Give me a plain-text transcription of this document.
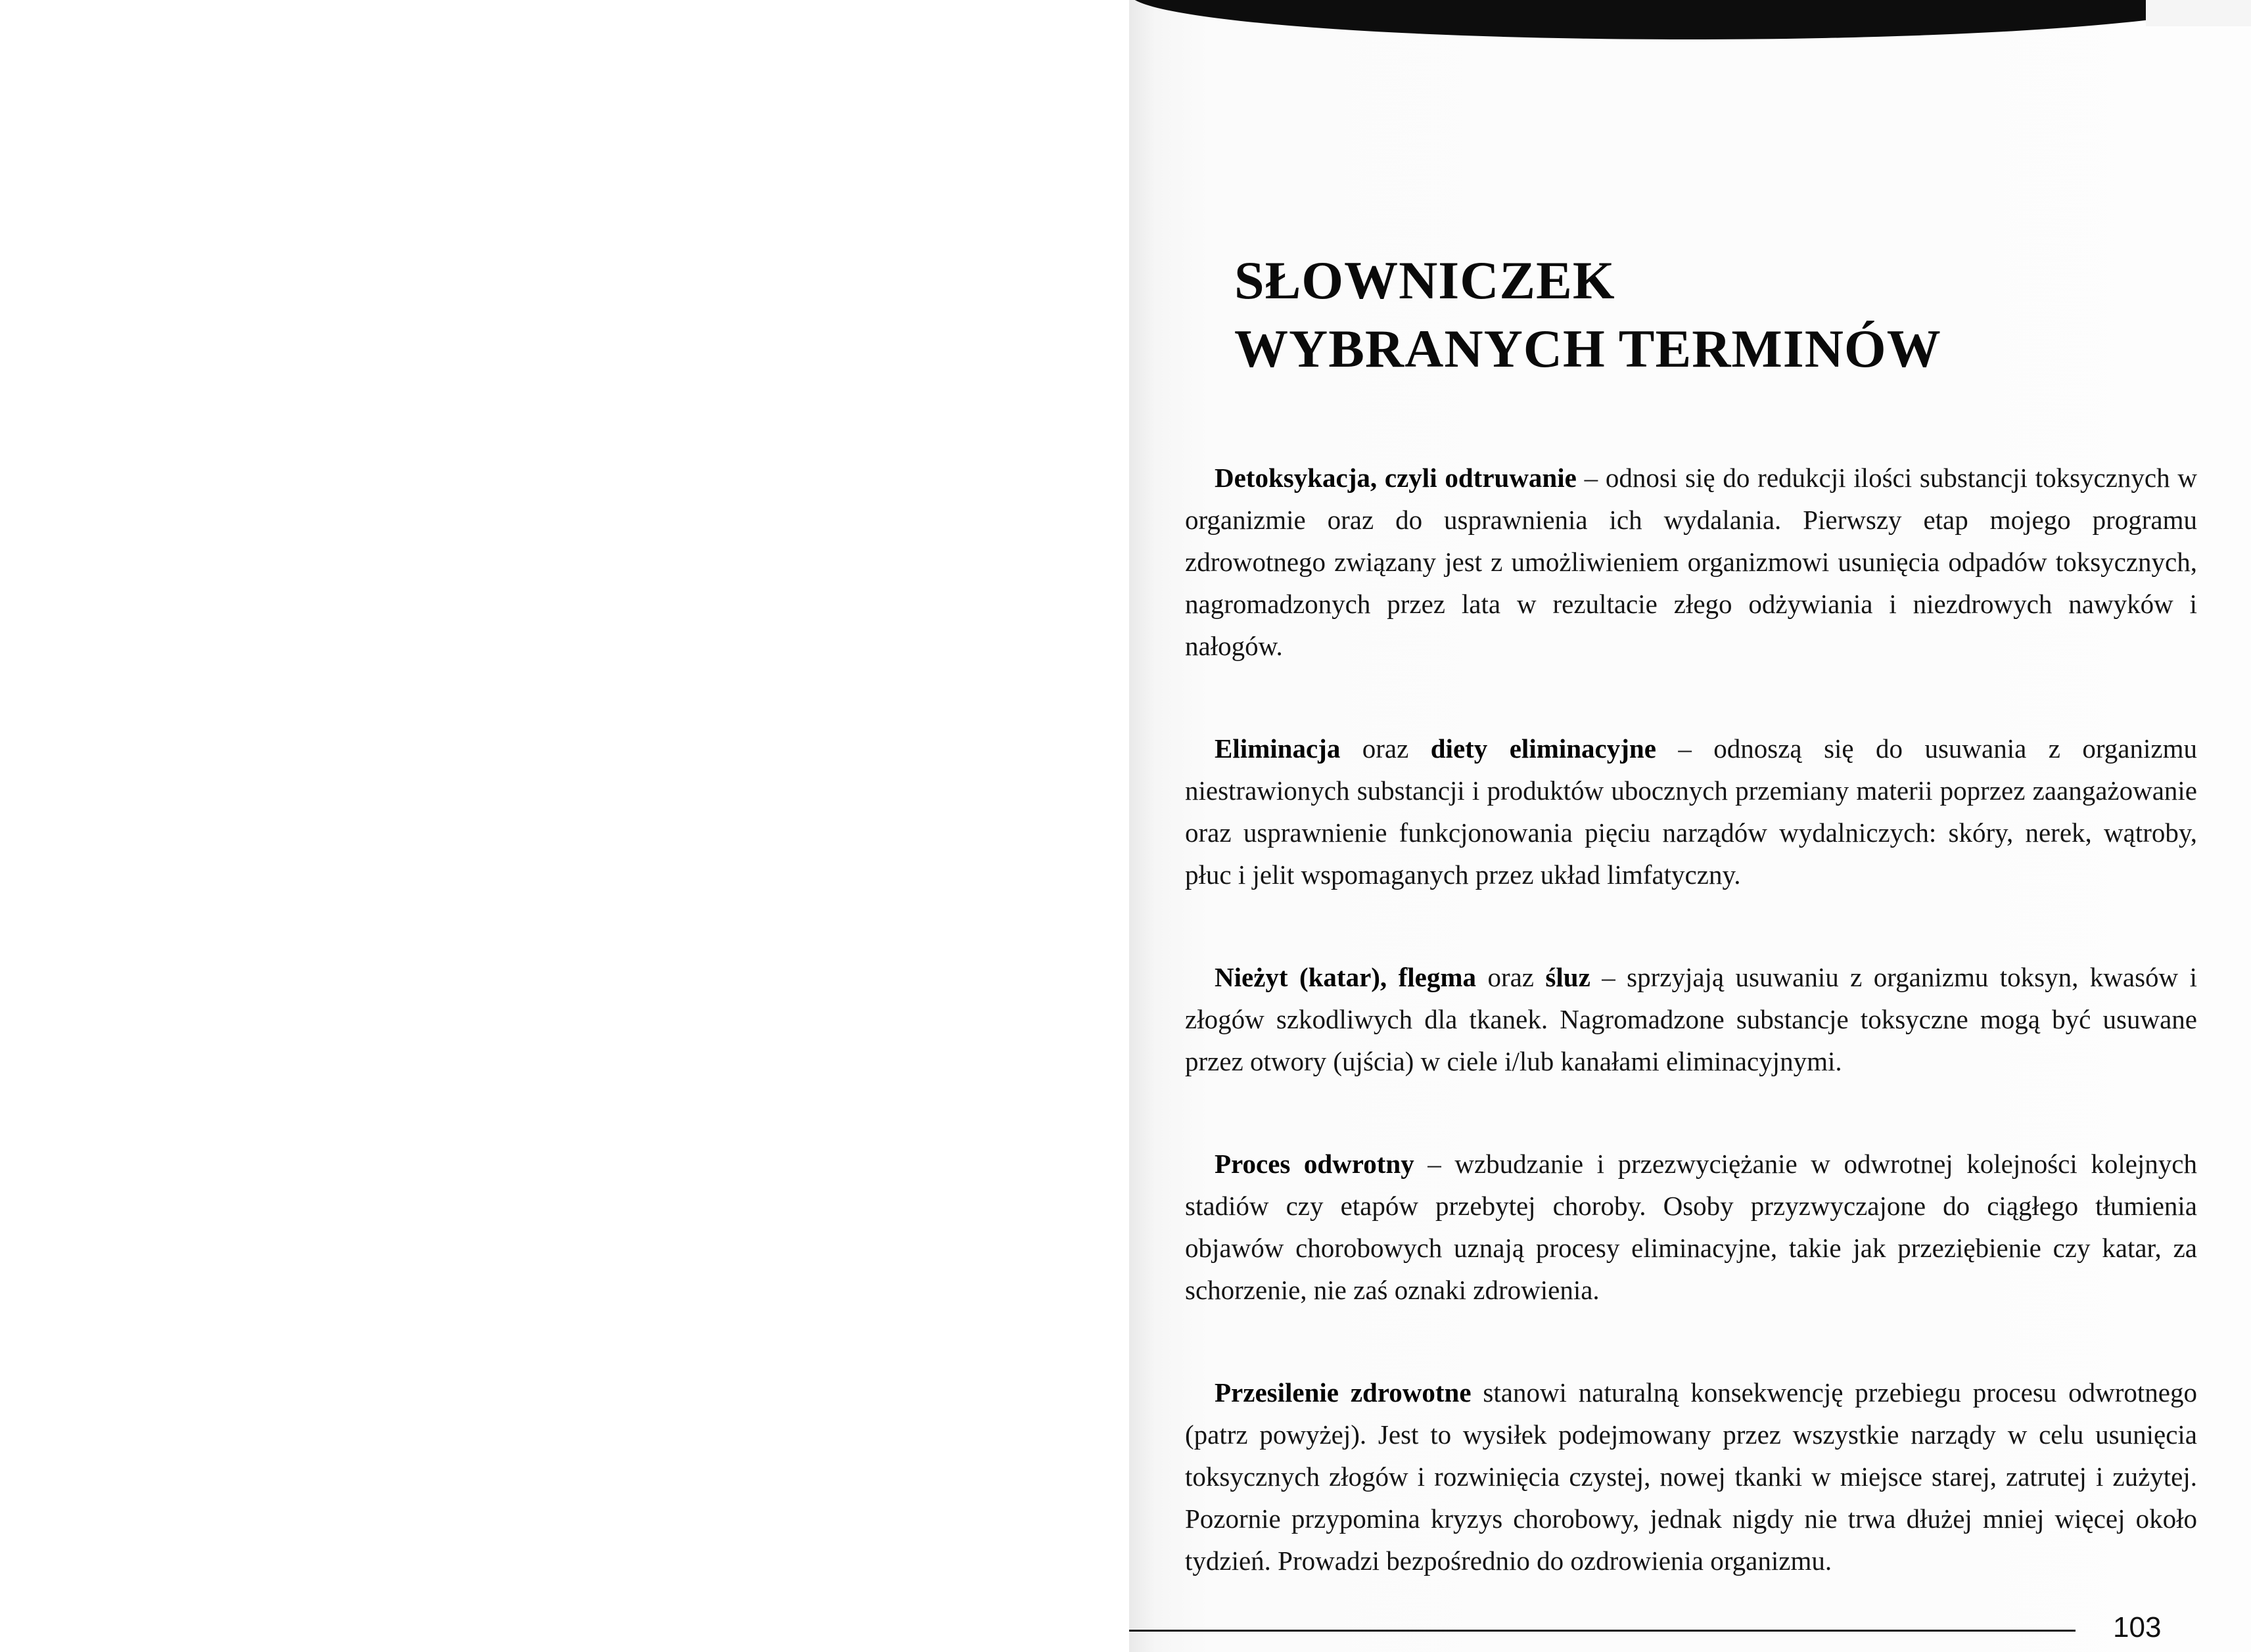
SŁOWNICZEK
WYBRANYCH TERMINÓW

Detoksykacja, czyli odtruwanie – odnosi się do redukcji ilości substancji toksycznych w organizmie oraz do usprawnienia ich wydalania. Pierwszy etap mojego programu zdrowotnego związany jest z umożliwieniem organizmowi usunięcia odpadów toksycznych, nagromadzonych przez lata w rezultacie złego odżywiania i niezdrowych nawyków i nałogów.

Eliminacja oraz diety eliminacyjne – odnoszą się do usuwania z organizmu niestrawionych substancji i produktów ubocznych przemiany materii poprzez zaangażowanie oraz usprawnienie funkcjonowania pięciu narządów wydalniczych: skóry, nerek, wątroby, płuc i jelit wspomaganych przez układ limfatyczny.

Nieżyt (katar), flegma oraz śluz – sprzyjają usuwaniu z organizmu toksyn, kwasów i złogów szkodliwych dla tkanek. Nagromadzone substancje toksyczne mogą być usuwane przez otwory (ujścia) w ciele i/lub kanałami eliminacyjnymi.

Proces odwrotny – wzbudzanie i przezwyciężanie w odwrotnej kolejności kolejnych stadiów czy etapów przebytej choroby. Osoby przyzwyczajone do ciągłego tłumienia objawów chorobowych uznają procesy eliminacyjne, takie jak przeziębienie czy katar, za schorzenie, nie zaś oznaki zdrowienia.

Przesilenie zdrowotne stanowi naturalną konsekwencję przebiegu procesu odwrotnego (patrz powyżej). Jest to wysiłek podejmowany przez wszystkie narządy w celu usunięcia toksycznych złogów i rozwinięcia czystej, nowej tkanki w miejsce starej, zatrutej i zużytej. Pozornie przypomina kryzys chorobowy, jednak nigdy nie trwa dłużej mniej więcej około tydzień. Prowadzi bezpośrednio do ozdrowienia organizmu.

103
